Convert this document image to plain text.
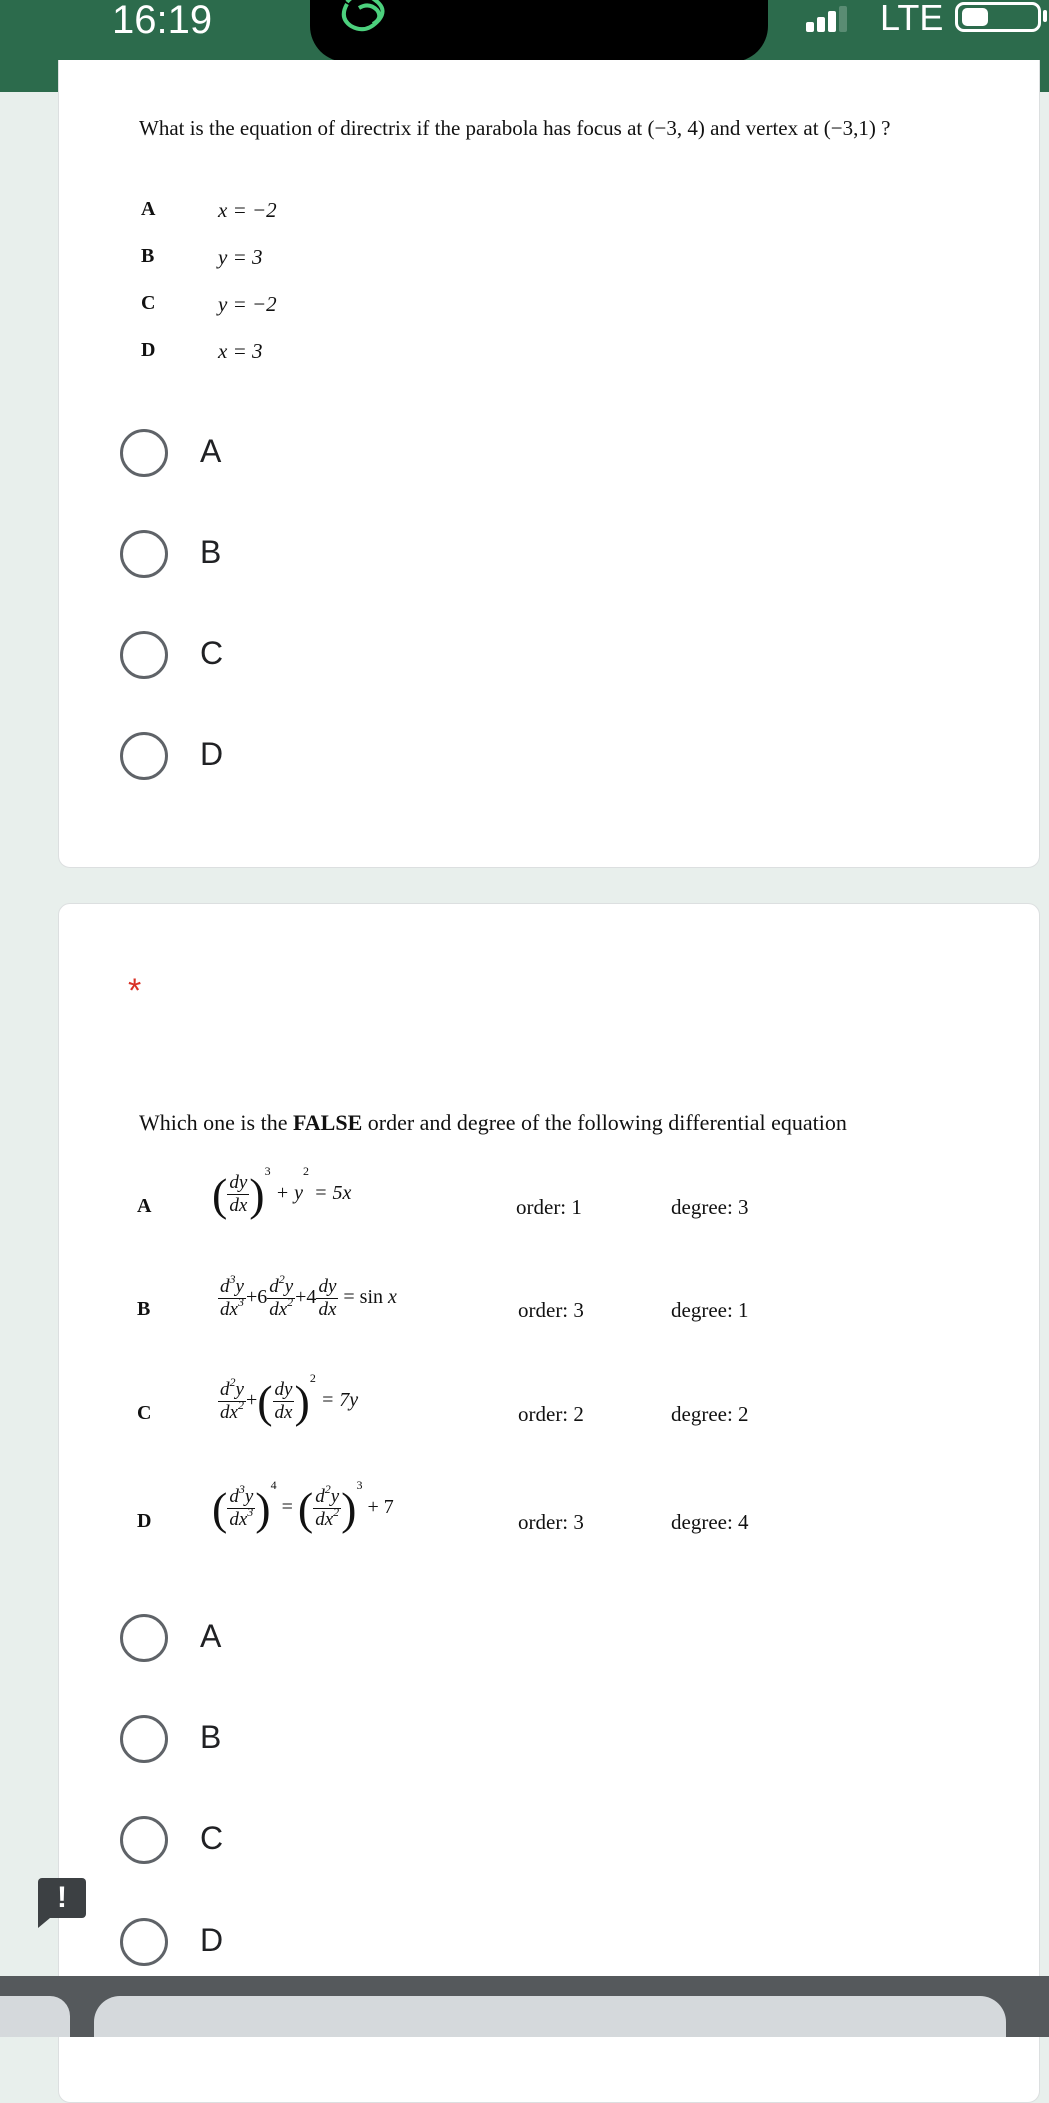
16:19	LTE
What is the equation of directrix if the parabola has focus at (−3, 4) and vertex at (−3,1) ?
A	x = −2
B	y = 3
C	y = −2
D	x = 3
A
B
C
D
*
Which one is the FALSE order and degree of the following differential equation
A ( $\frac{dy}{dx} )^3 + y^2 = 5x$
order: 1	degree: 3
B	$\frac{d^3y}{dx^3} +6 \frac{d^2y}{dx^2} +4 \frac{dy}{dx} = \sin x$
order: 3	degree: 1
C	$\frac{d^2y}{dx^2}$ +( $\frac{dy}{dx} )^2 = 7y$
order: 2	degree: 2
D ( $\frac{d^3y}{dx^3} )^4$ = ( $\frac{d^2y}{dx^2} )^3 + 7$
order: 3	degree: 4
A
B
C
D
!
